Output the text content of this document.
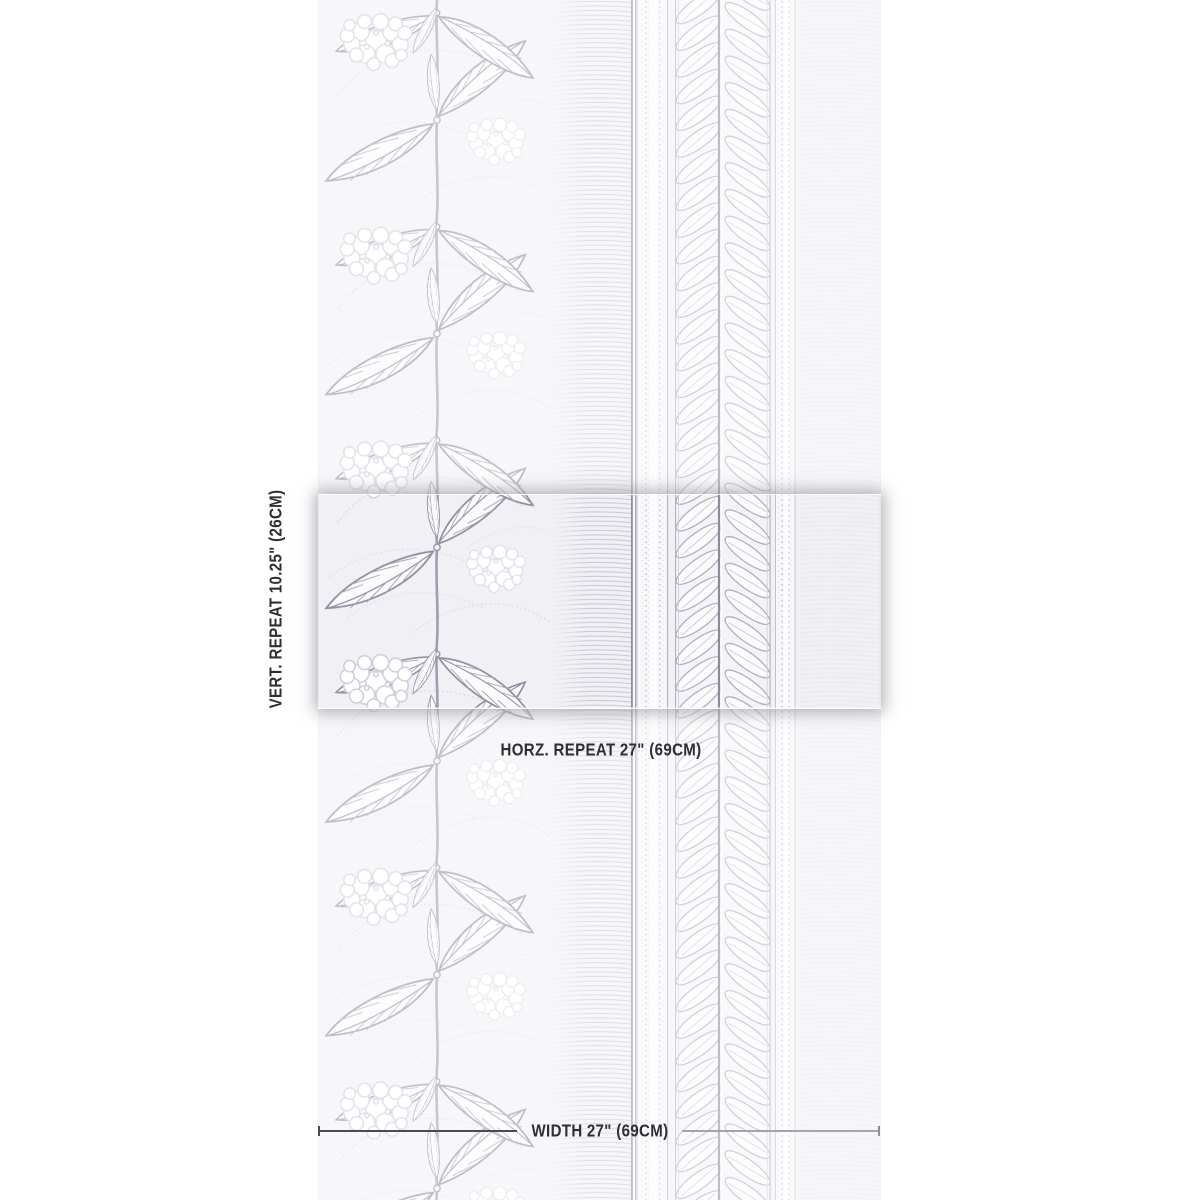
VERT. REPEAT10.25" (26CM)
HORZ. REPEAT 27" (69CM)
WIDTH 27" (69CM)
